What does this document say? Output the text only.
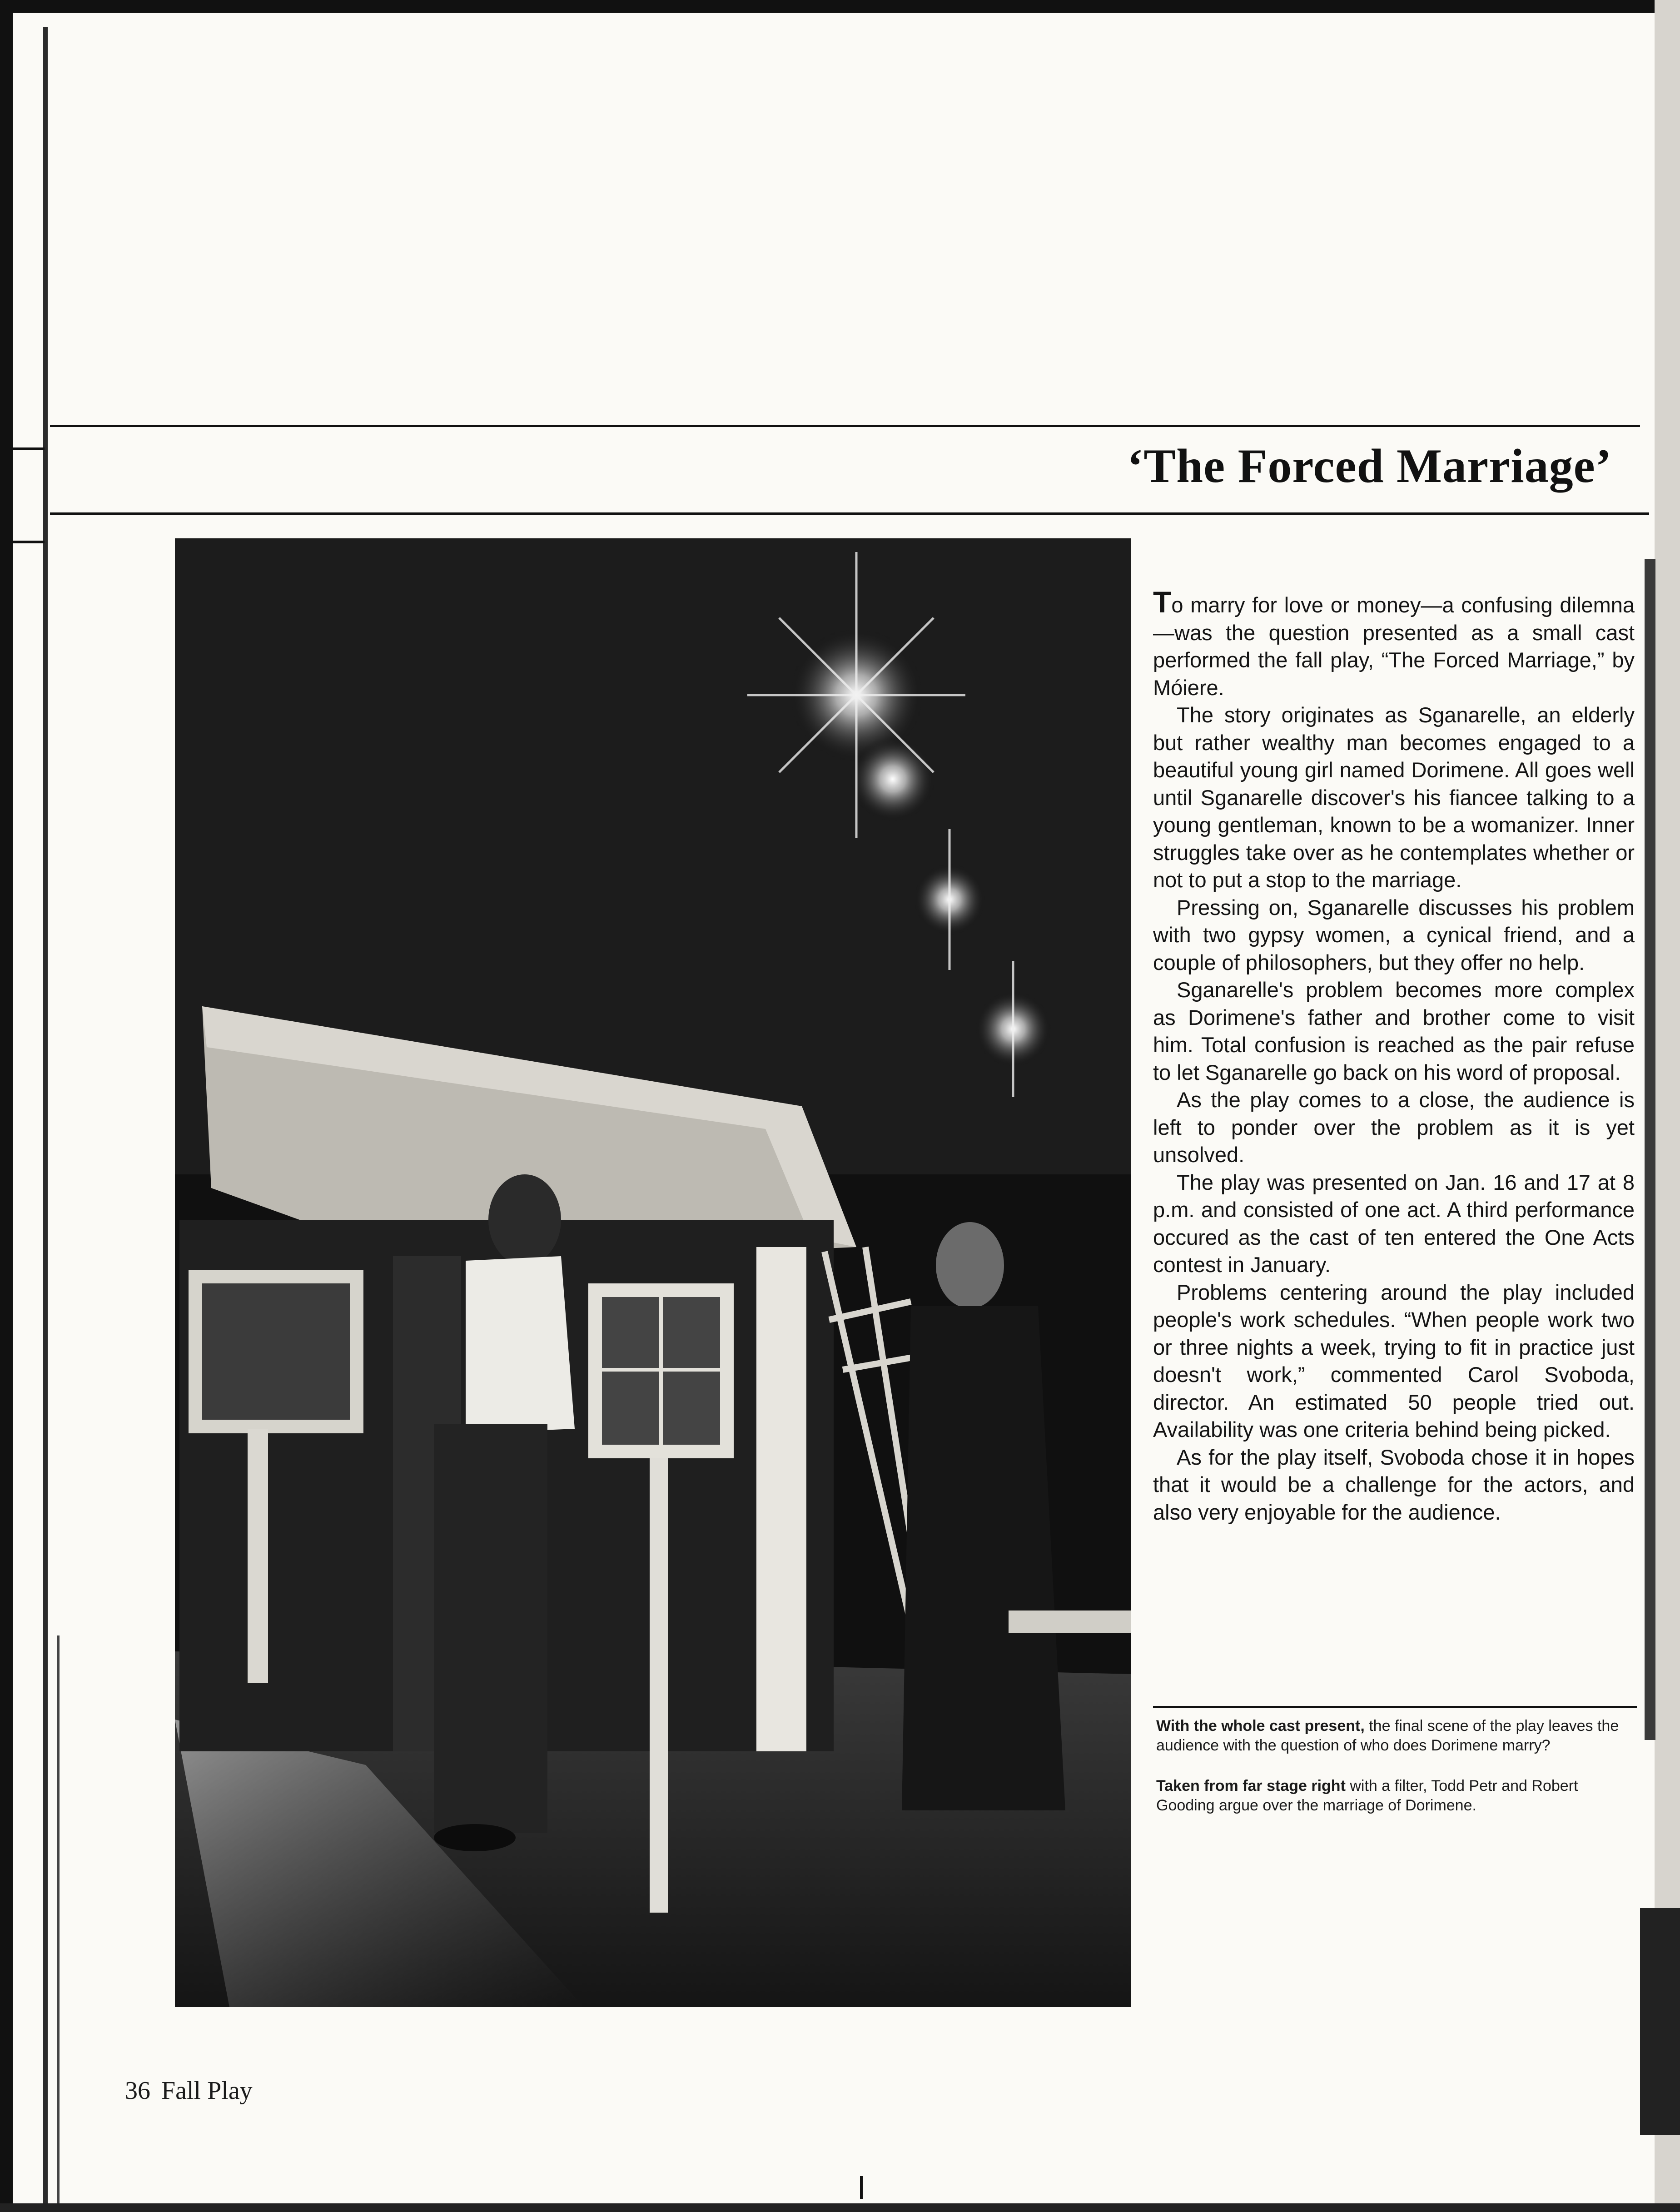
‘The Forced Marriage’

To marry for love or money—a confusing dilemna—was the question presented as a small cast performed the fall play, “The Forced Marriage,” by Móiere.

The story originates as Sganarelle, an elderly but rather wealthy man becomes engaged to a beautiful young girl named Dorimene. All goes well until Sganarelle discover's his fiancee talking to a young gentleman, known to be a womanizer. Inner struggles take over as he contemplates whether or not to put a stop to the marriage.

Pressing on, Sganarelle discusses his problem with two gypsy women, a cynical friend, and a couple of philosophers, but they offer no help.

Sganarelle's problem becomes more complex as Dorimene's father and brother come to visit him. Total confusion is reached as the pair refuse to let Sganarelle go back on his word of proposal.

As the play comes to a close, the audience is left to ponder over the problem as it is yet unsolved.

The play was presented on Jan. 16 and 17 at 8 p.m. and consisted of one act. A third performance occured as the cast of ten entered the One Acts contest in January.

Problems centering around the play included people's work schedules. “When people work two or three nights a week, trying to fit in practice just doesn't work,” commented Carol Svoboda, director. An estimated 50 people tried out. Availability was one criteria behind being picked.

As for the play itself, Svoboda chose it in hopes that it would be a challenge for the actors, and also very enjoyable for the audience.

With the whole cast present, the final scene of the play leaves the audience with the question of who does Dorimene marry?

Taken from far stage right with a filter, Todd Petr and Robert Gooding argue over the marriage of Dorimene.

36 Fall Play
